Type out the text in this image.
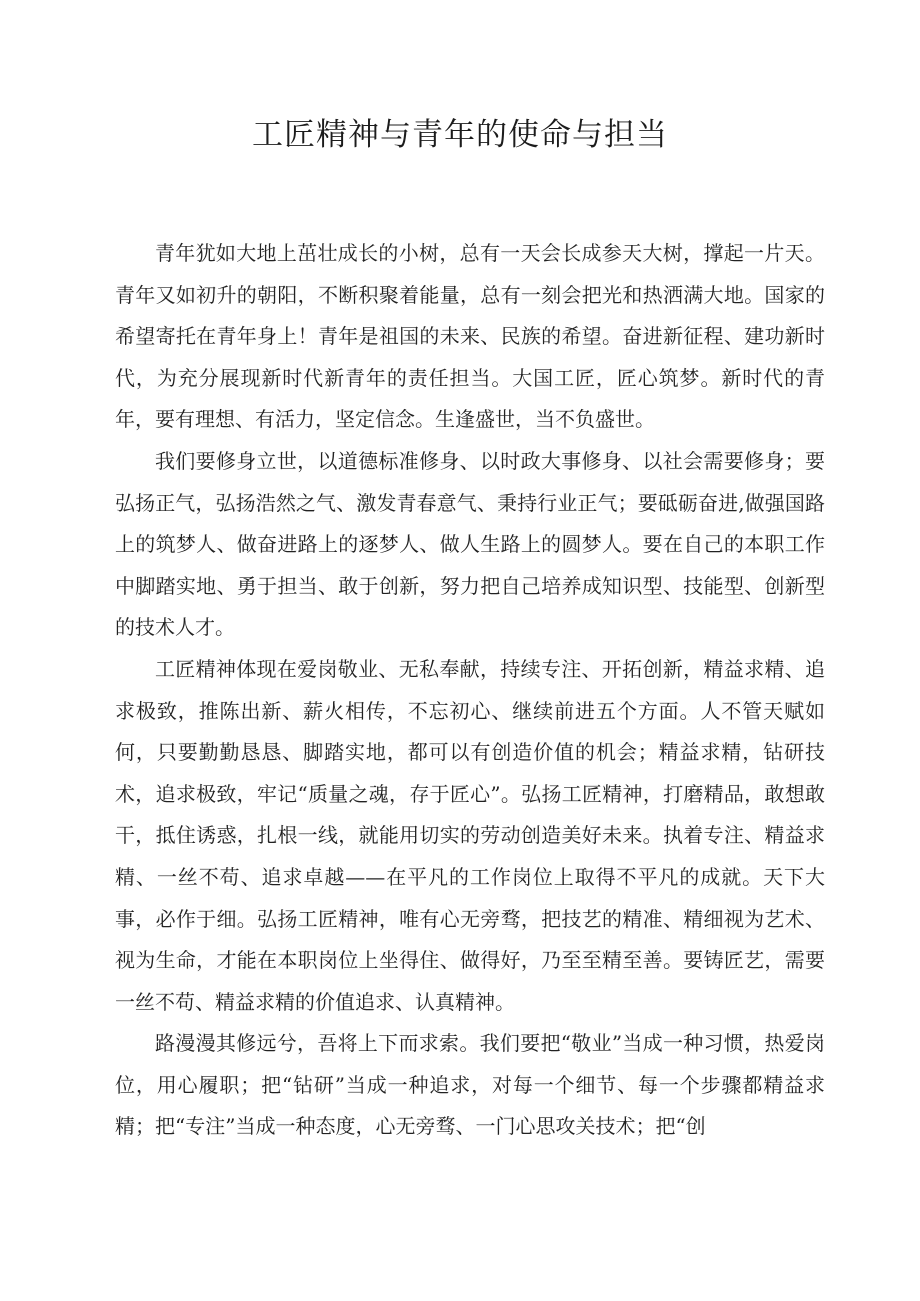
工匠精神与青年的使命与担当

青年犹如大地上茁壮成长的小树，总有一天会长成参天大树，撑起一片天。青年又如初升的朝阳，不断积聚着能量，总有一刻会把光和热洒满大地。国家的希望寄托在青年身上！青年是祖国的未来、民族的希望。奋进新征程、建功新时代，为充分展现新时代新青年的责任担当。大国工匠，匠心筑梦。新时代的青年，要有理想、有活力，坚定信念。生逢盛世，当不负盛世。

我们要修身立世，以道德标准修身、以时政大事修身、以社会需要修身；要弘扬正气，弘扬浩然之气、激发青春意气、秉持行业正气；要砥砺奋进,做强国路上的筑梦人、做奋进路上的逐梦人、做人生路上的圆梦人。要在自己的本职工作中脚踏实地、勇于担当、敢于创新，努力把自己培养成知识型、技能型、创新型的技术人才。

工匠精神体现在爱岗敬业、无私奉献，持续专注、开拓创新，精益求精、追求极致，推陈出新、薪火相传，不忘初心、继续前进五个方面。人不管天赋如何，只要勤勤恳恳、脚踏实地，都可以有创造价值的机会；精益求精，钻研技术，追求极致，牢记“质量之魂，存于匠心”。弘扬工匠精神，打磨精品，敢想敢干，抵住诱惑，扎根一线，就能用切实的劳动创造美好未来。执着专注、精益求精、一丝不苟、追求卓越——在平凡的工作岗位上取得不平凡的成就。天下大事，必作于细。弘扬工匠精神，唯有心无旁骛，把技艺的精准、精细视为艺术、视为生命，才能在本职岗位上坐得住、做得好，乃至至精至善。要铸匠艺，需要一丝不苟、精益求精的价值追求、认真精神。

路漫漫其修远兮，吾将上下而求索。我们要把“敬业”当成一种习惯，热爱岗位，用心履职；把“钻研”当成一种追求，对每一个细节、每一个步骤都精益求精；把“专注”当成一种态度，心无旁骛、一门心思攻关技术；把“创
